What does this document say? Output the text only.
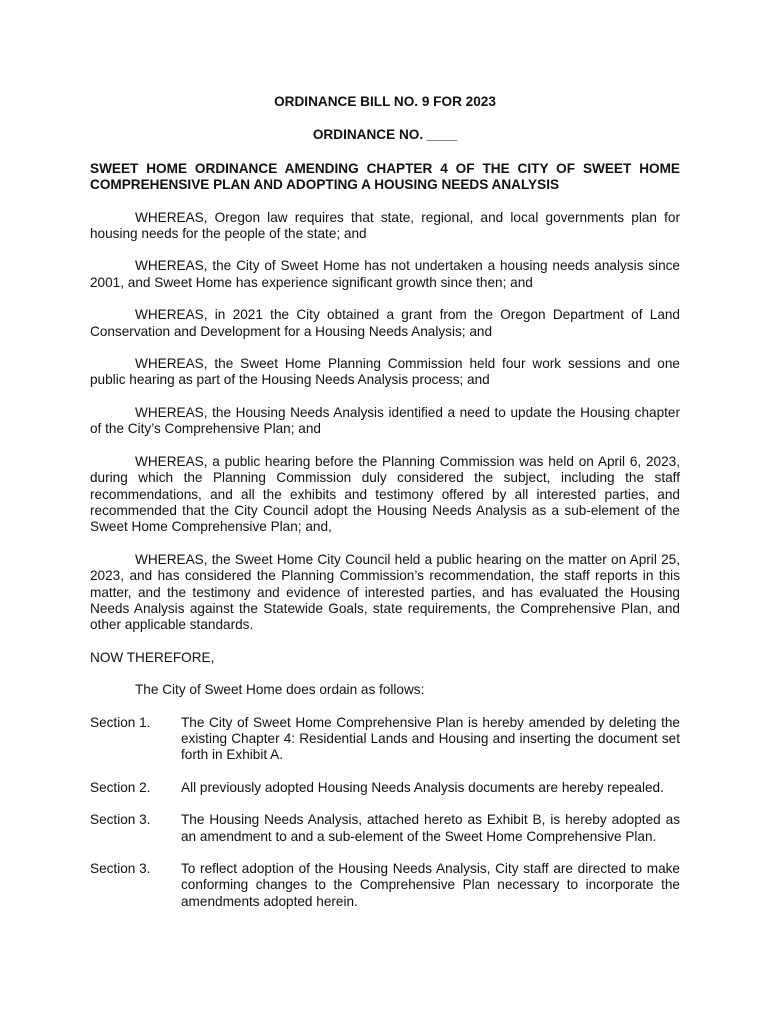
ORDINANCE BILL NO. 9 FOR 2023
ORDINANCE NO. ____
SWEET HOME ORDINANCE AMENDING CHAPTER 4 OF THE CITY OF SWEET HOME COMPREHENSIVE PLAN AND ADOPTING A HOUSING NEEDS ANALYSIS

WHEREAS, Oregon law requires that state, regional, and local governments plan for housing needs for the people of the state; and

WHEREAS, the City of Sweet Home has not undertaken a housing needs analysis since 2001, and Sweet Home has experience significant growth since then; and

WHEREAS, in 2021 the City obtained a grant from the Oregon Department of Land Conservation and Development for a Housing Needs Analysis; and

WHEREAS, the Sweet Home Planning Commission held four work sessions and one public hearing as part of the Housing Needs Analysis process; and

WHEREAS, the Housing Needs Analysis identified a need to update the Housing chapter of the City’s Comprehensive Plan; and

WHEREAS, a public hearing before the Planning Commission was held on April 6, 2023, during which the Planning Commission duly considered the subject, including the staff recommendations, and all the exhibits and testimony offered by all interested parties, and recommended that the City Council adopt the Housing Needs Analysis as a sub-element of the Sweet Home Comprehensive Plan; and,

WHEREAS, the Sweet Home City Council held a public hearing on the matter on April 25, 2023, and has considered the Planning Commission’s recommendation, the staff reports in this matter, and the testimony and evidence of interested parties, and has evaluated the Housing Needs Analysis against the Statewide Goals, state requirements, the Comprehensive Plan, and other applicable standards.

NOW THEREFORE,

The City of Sweet Home does ordain as follows:

Section 1.	The City of Sweet Home Comprehensive Plan is hereby amended by deleting the existing Chapter 4: Residential Lands and Housing and inserting the document set forth in Exhibit A.
Section 2.	All previously adopted Housing Needs Analysis documents are hereby repealed.
Section 3.	The Housing Needs Analysis, attached hereto as Exhibit B, is hereby adopted as an amendment to and a sub-element of the Sweet Home Comprehensive Plan.
Section 3.	To reflect adoption of the Housing Needs Analysis, City staff are directed to make conforming changes to the Comprehensive Plan necessary to incorporate the amendments adopted herein.
